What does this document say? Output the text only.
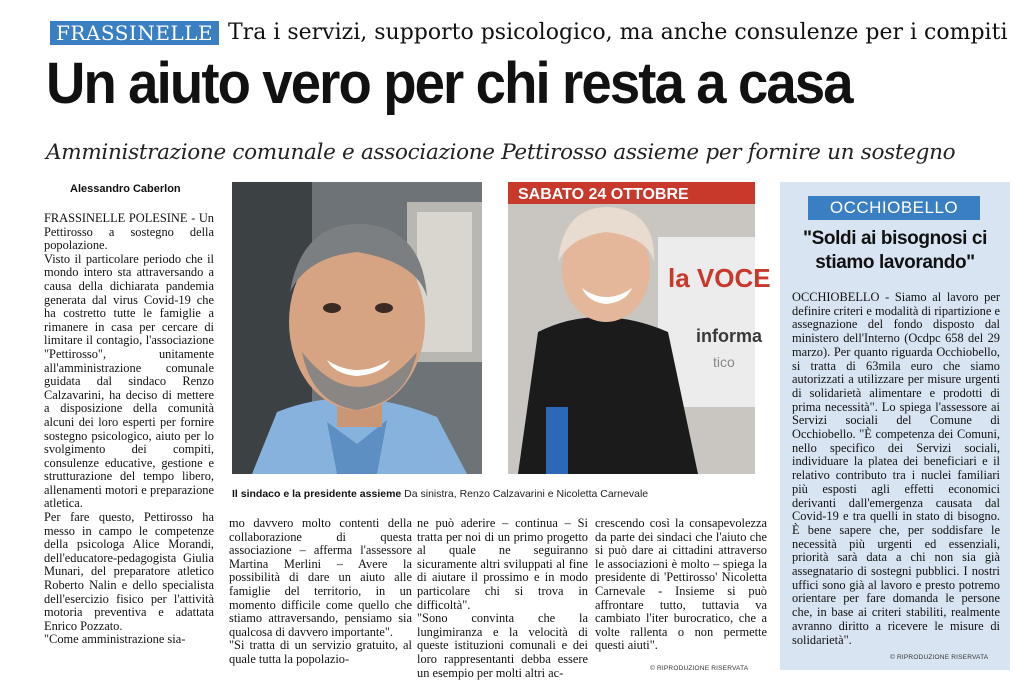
FRASSINELLE Tra i servizi, supporto psicologico, ma anche consulenze per i compiti
Un aiuto vero per chi resta a casa
Amministrazione comunale e associazione Pettirosso assieme per fornire un sostegno
Alessandro Caberlon

FRASSINELLE POLESINE - Un Pettirosso a sostegno della popolazione.

Visto il particolare periodo che il mondo intero sta attraversando a causa della dichiarata pandemia generata dal virus Covid-19 che ha costretto tutte le famiglie a rimanere in casa per cercare di limitare il contagio, l'associazione "Pettirosso", unitamente all'amministrazione comunale guidata dal sindaco Renzo Calzavarini, ha deciso di mettere a disposizione della comunità alcuni dei loro esperti per fornire sostegno psicologico, aiuto per lo svolgimento dei compiti, consulenze educative, gestione e strutturazione del tempo libero, allenamenti motori e preparazione atletica.

Per fare questo, Pettirosso ha messo in campo le competenze della psicologa Alice Morandi, dell'educatore-pedagogista Giulia Munari, del preparatore atletico Roberto Nalin e dello specialista dell'esercizio fisico per l'attività motoria preventiva e adattata Enrico Pozzato.

"Come amministrazione sia-

SABATO 24 OTTOBRE
la VOCE
informa
tico
Il sindaco e la presidente assieme Da sinistra, Renzo Calzavarini e Nicoletta Carnevale

mo davvero molto contenti della collaborazione di questa associazione – afferma l'assessore Martina Merlini – Avere la possibilità di dare un aiuto alle famiglie del territorio, in un momento difficile come quello che stiamo attraversando, pensiamo sia qualcosa di davvero importante".

"Si tratta di un servizio gratuito, al quale tutta la popolazio-

ne può aderire – continua – Si tratta per noi di un primo progetto al quale ne seguiranno sicuramente altri sviluppati al fine di aiutare il prossimo e in modo particolare chi si trova in difficoltà".

"Sono convinta che la lungimiranza e la velocità di queste istituzioni comunali e dei loro rappresentanti debba essere un esempio per molti altri ac-

crescendo così la consapevolezza da parte dei sindaci che l'aiuto che si può dare ai cittadini attraverso le associazioni è molto – spiega la presidente di 'Pettirosso' Nicoletta Carnevale - Insieme si può affrontare tutto, tuttavia va cambiato l'iter burocratico, che a volte rallenta o non permette questi aiuti".

© RIPRODUZIONE RISERVATA
OCCHIOBELLO
"Soldi ai bisognosi ci stiamo lavorando"
OCCHIOBELLO - Siamo al lavoro per definire criteri e modalità di ripartizione e assegnazione del fondo disposto dal ministero dell'Interno (Ocdpc 658 del 29 marzo). Per quanto riguarda Occhiobello, si tratta di 63mila euro che siamo autorizzati a utilizzare per misure urgenti di solidarietà alimentare e prodotti di prima necessità". Lo spiega l'assessore ai Servizi sociali del Comune di Occhiobello. "È competenza dei Comuni, nello specifico dei Servizi sociali, individuare la platea dei beneficiari e il relativo contributo tra i nuclei familiari più esposti agli effetti economici derivanti dall'emergenza causata dal Covid-19 e tra quelli in stato di bisogno. È bene sapere che, per soddisfare le necessità più urgenti ed essenziali, priorità sarà data a chi non sia già assegnatario di sostegni pubblici. I nostri uffici sono già al lavoro e presto potremo orientare per fare domanda le persone che, in base ai criteri stabiliti, realmente avranno diritto a ricevere le misure di solidarietà".
© RIPRODUZIONE RISERVATA
